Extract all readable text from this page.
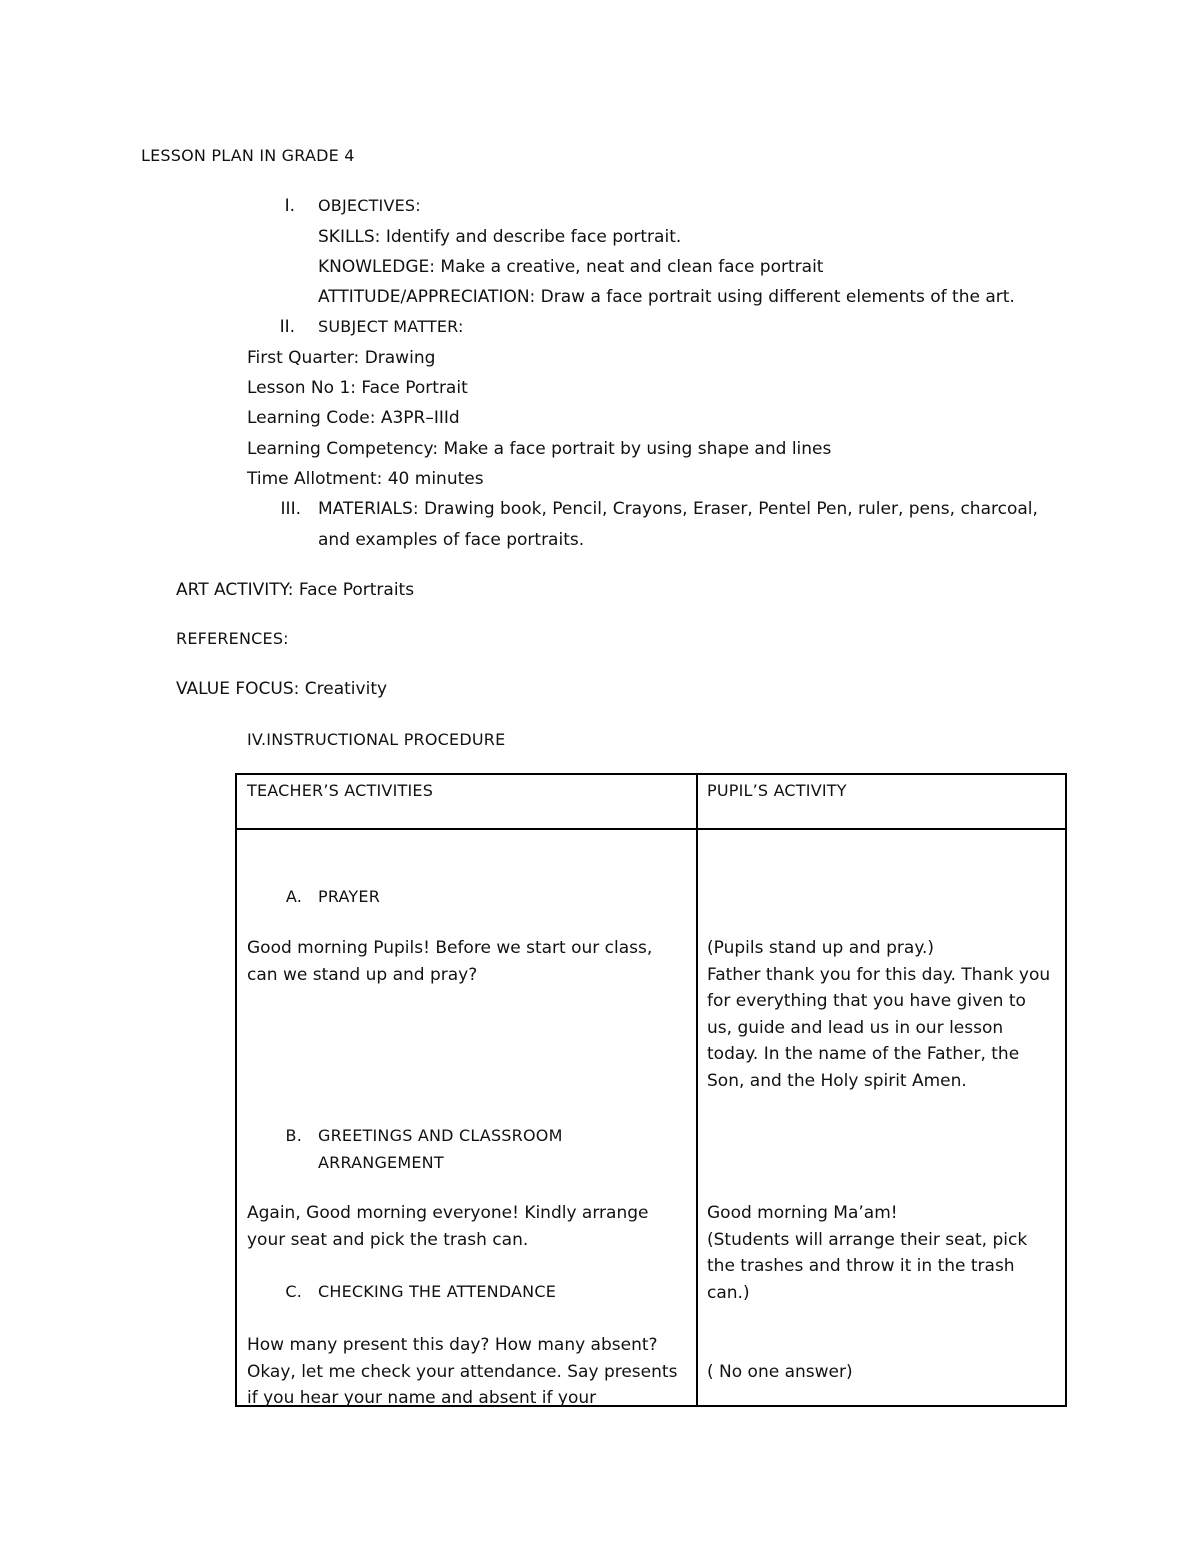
LESSON PLAN IN GRADE 4
I. OBJECTIVES:
SKILLS: Identify and describe face portrait.
KNOWLEDGE: Make a creative, neat and clean face portrait
ATTITUDE/APPRECIATION: Draw a face portrait using different elements of the art.
II. SUBJECT MATTER:
First Quarter: Drawing
Lesson No 1: Face Portrait
Learning Code: A3PR–IIId
Learning Competency: Make a face portrait by using shape and lines
Time Allotment: 40 minutes
III. MATERIALS: Drawing book, Pencil, Crayons, Eraser, Pentel Pen, ruler, pens, charcoal,
and examples of face portraits.
ART ACTIVITY: Face Portraits
REFERENCES:
VALUE FOCUS: Creativity
IV.INSTRUCTIONAL PROCEDURE
TEACHER’S ACTIVITIES	PUPIL’S ACTIVITY
A. PRAYER
Good morning Pupils! Before we start our class,
can we stand up and pray?
(Pupils stand up and pray.)
Father thank you for this day. Thank you
for everything that you have given to
us, guide and lead us in our lesson
today. In the name of the Father, the
Son, and the Holy spirit Amen.
B. GREETINGS AND CLASSROOM
ARRANGEMENT
Again, Good morning everyone! Kindly arrange
your seat and pick the trash can.
Good morning Ma’am!
(Students will arrange their seat, pick
the trashes and throw it in the trash
can.)
C. CHECKING THE ATTENDANCE
How many present this day? How many absent?
Okay, let me check your attendance. Say presents
if you hear your name and absent if your
( No one answer)
